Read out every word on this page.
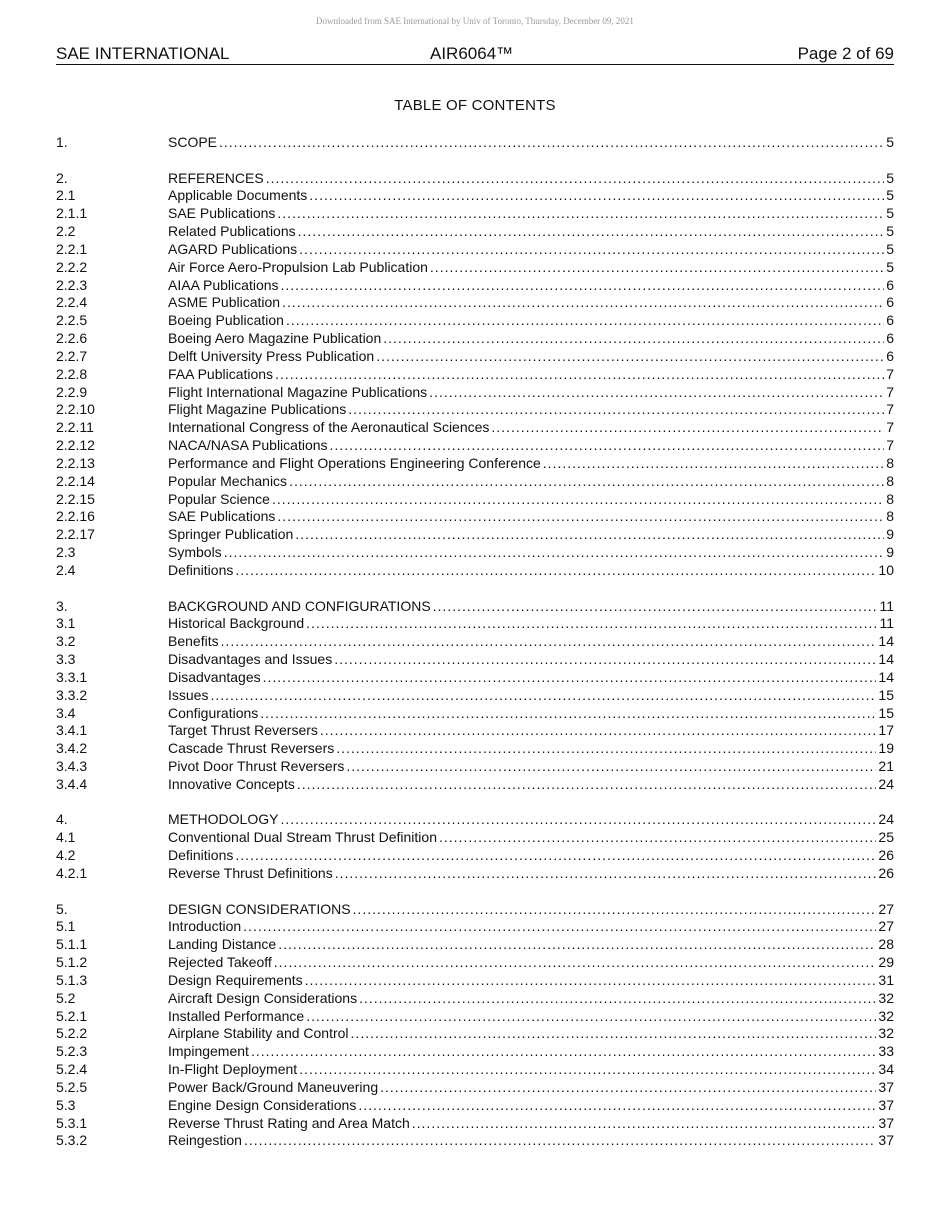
Downloaded from SAE International by Univ of Toronto, Thursday, December 09, 2021
SAE INTERNATIONAL	AIR6064™	Page 2 of 69
TABLE OF CONTENTS
1.	SCOPE .....	5
2.	REFERENCES .....	5
2.1	Applicable Documents .....	5
2.1.1	SAE Publications .....	5
2.2	Related Publications .....	5
2.2.1	AGARD Publications .....	5
2.2.2	Air Force Aero-Propulsion Lab Publication .....	5
2.2.3	AIAA Publications .....	6
2.2.4	ASME Publication .....	6
2.2.5	Boeing Publication .....	6
2.2.6	Boeing Aero Magazine Publication .....	6
2.2.7	Delft University Press Publication .....	6
2.2.8	FAA Publications .....	7
2.2.9	Flight International Magazine Publications .....	7
2.2.10	Flight Magazine Publications .....	7
2.2.11	International Congress of the Aeronautical Sciences .....	7
2.2.12	NACA/NASA Publications .....	7
2.2.13	Performance and Flight Operations Engineering Conference .....	8
2.2.14	Popular Mechanics .....	8
2.2.15	Popular Science .....	8
2.2.16	SAE Publications .....	8
2.2.17	Springer Publication .....	9
2.3	Symbols .....	9
2.4	Definitions .....	10
3.	BACKGROUND AND CONFIGURATIONS .....	11
3.1	Historical Background .....	11
3.2	Benefits .....	14
3.3	Disadvantages and Issues .....	14
3.3.1	Disadvantages .....	14
3.3.2	Issues .....	15
3.4	Configurations .....	15
3.4.1	Target Thrust Reversers .....	17
3.4.2	Cascade Thrust Reversers .....	19
3.4.3	Pivot Door Thrust Reversers .....	21
3.4.4	Innovative Concepts .....	24
4.	METHODOLOGY .....	24
4.1	Conventional Dual Stream Thrust Definition .....	25
4.2	Definitions .....	26
4.2.1	Reverse Thrust Definitions .....	26
5.	DESIGN CONSIDERATIONS .....	27
5.1	Introduction .....	27
5.1.1	Landing Distance .....	28
5.1.2	Rejected Takeoff .....	29
5.1.3	Design Requirements .....	31
5.2	Aircraft Design Considerations .....	32
5.2.1	Installed Performance .....	32
5.2.2	Airplane Stability and Control .....	32
5.2.3	Impingement .....	33
5.2.4	In-Flight Deployment .....	34
5.2.5	Power Back/Ground Maneuvering .....	37
5.3	Engine Design Considerations .....	37
5.3.1	Reverse Thrust Rating and Area Match .....	37
5.3.2	Reingestion .....	37
